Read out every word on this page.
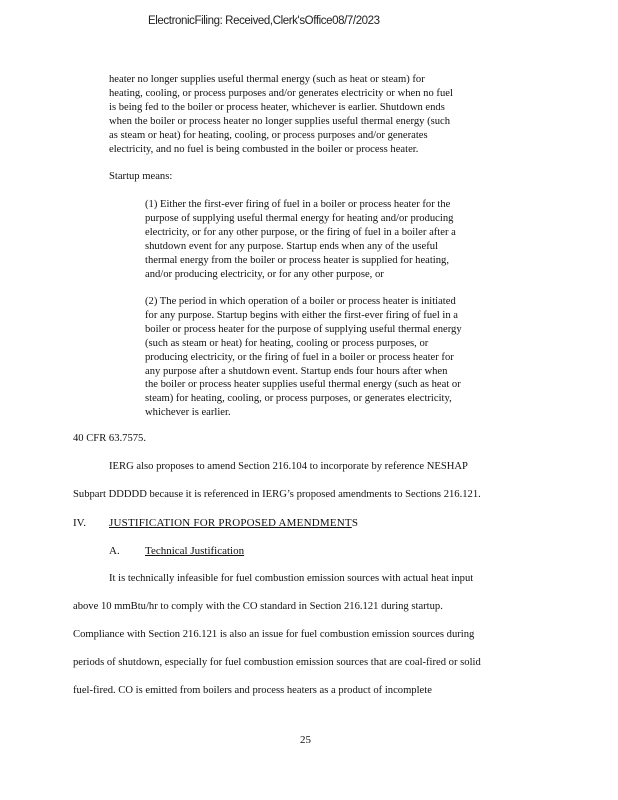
ElectronicFiling: Received,Clerk'sOffice08/7/2023
heater no longer supplies useful thermal energy (such as heat or steam) for
heating, cooling, or process purposes and/or generates electricity or when no fuel
is being fed to the boiler or process heater, whichever is earlier. Shutdown ends
when the boiler or process heater no longer supplies useful thermal energy (such
as steam or heat) for heating, cooling, or process purposes and/or generates
electricity, and no fuel is being combusted in the boiler or process heater.
Startup means:
(1) Either the first-ever firing of fuel in a boiler or process heater for the
purpose of supplying useful thermal energy for heating and/or producing
electricity, or for any other purpose, or the firing of fuel in a boiler after a
shutdown event for any purpose. Startup ends when any of the useful
thermal energy from the boiler or process heater is supplied for heating,
and/or producing electricity, or for any other purpose, or
(2) The period in which operation of a boiler or process heater is initiated
for any purpose. Startup begins with either the first-ever firing of fuel in a
boiler or process heater for the purpose of supplying useful thermal energy
(such as steam or heat) for heating, cooling or process purposes, or
producing electricity, or the firing of fuel in a boiler or process heater for
any purpose after a shutdown event. Startup ends four hours after when
the boiler or process heater supplies useful thermal energy (such as heat or
steam) for heating, cooling, or process purposes, or generates electricity,
whichever is earlier.
40 CFR 63.7575.
IERG also proposes to amend Section 216.104 to incorporate by reference NESHAP
Subpart DDDDD because it is referenced in IERG’s proposed amendments to Sections 216.121.
IV. JUSTIFICATION FOR PROPOSED AMENDMENTS
A. Technical Justification
It is technically infeasible for fuel combustion emission sources with actual heat input
above 10 mmBtu/hr to comply with the CO standard in Section 216.121 during startup.
Compliance with Section 216.121 is also an issue for fuel combustion emission sources during
periods of shutdown, especially for fuel combustion emission sources that are coal-fired or solid
fuel-fired. CO is emitted from boilers and process heaters as a product of incomplete
25
